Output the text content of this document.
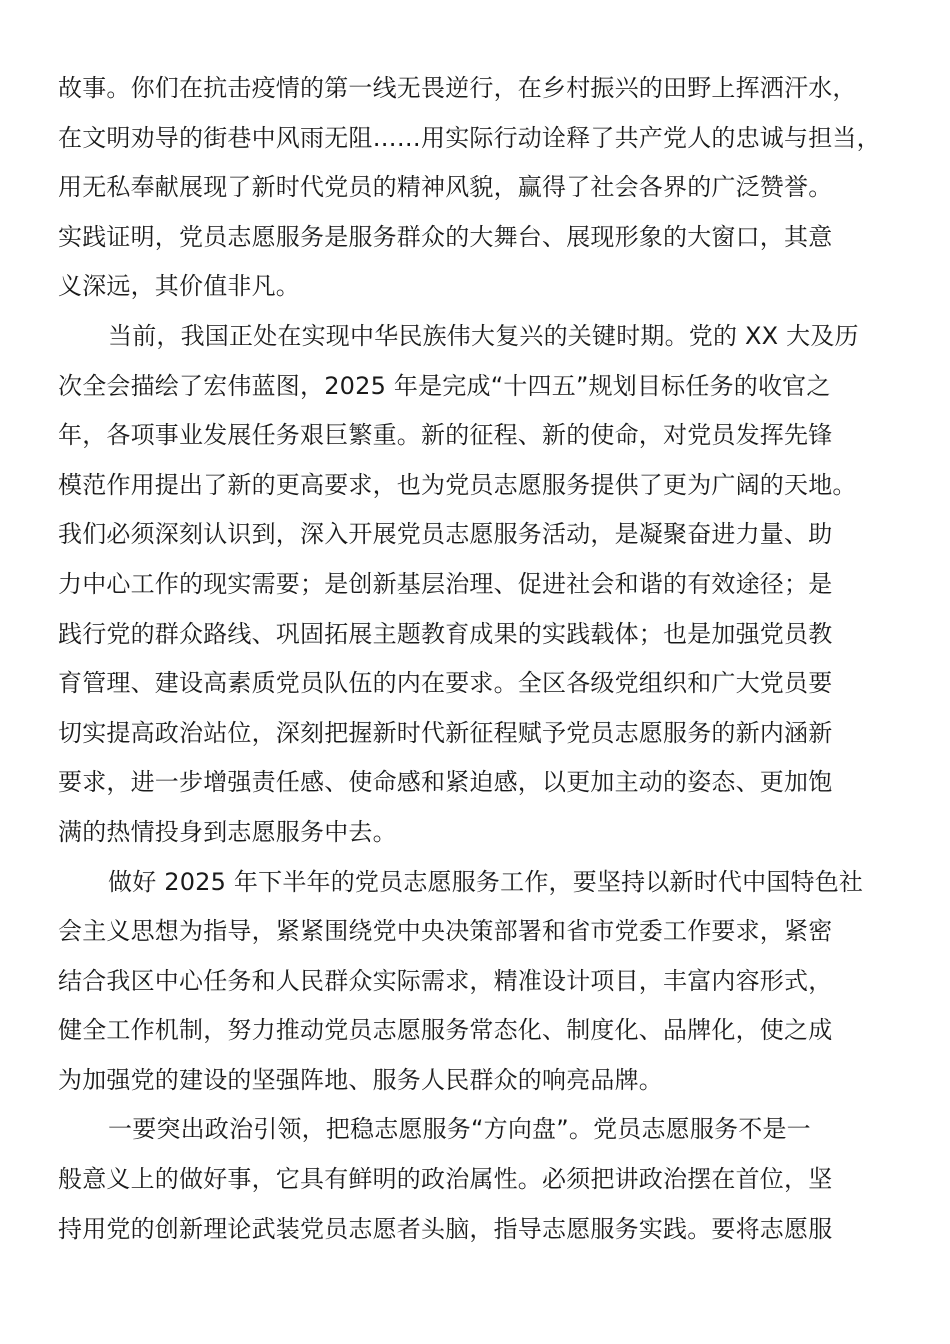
故事。你们在抗击疫情的第一线无畏逆行，在乡村振兴的田野上挥洒汗水，
在文明劝导的街巷中风雨无阻……用实际行动诠释了共产党人的忠诚与担当，
用无私奉献展现了新时代党员的精神风貌，赢得了社会各界的广泛赞誉。
实践证明，党员志愿服务是服务群众的大舞台、展现形象的大窗口，其意
义深远，其价值非凡。
当前，我国正处在实现中华民族伟大复兴的关键时期。党的 XX 大及历
次全会描绘了宏伟蓝图，2025 年是完成“十四五”规划目标任务的收官之
年，各项事业发展任务艰巨繁重。新的征程、新的使命，对党员发挥先锋
模范作用提出了新的更高要求，也为党员志愿服务提供了更为广阔的天地。
我们必须深刻认识到，深入开展党员志愿服务活动，是凝聚奋进力量、助
力中心工作的现实需要；是创新基层治理、促进社会和谐的有效途径；是
践行党的群众路线、巩固拓展主题教育成果的实践载体；也是加强党员教
育管理、建设高素质党员队伍的内在要求。全区各级党组织和广大党员要
切实提高政治站位，深刻把握新时代新征程赋予党员志愿服务的新内涵新
要求，进一步增强责任感、使命感和紧迫感，以更加主动的姿态、更加饱
满的热情投身到志愿服务中去。
做好 2025 年下半年的党员志愿服务工作，要坚持以新时代中国特色社
会主义思想为指导，紧紧围绕党中央决策部署和省市党委工作要求，紧密
结合我区中心任务和人民群众实际需求，精准设计项目，丰富内容形式，
健全工作机制，努力推动党员志愿服务常态化、制度化、品牌化，使之成
为加强党的建设的坚强阵地、服务人民群众的响亮品牌。
一要突出政治引领，把稳志愿服务“方向盘”。党员志愿服务不是一
般意义上的做好事，它具有鲜明的政治属性。必须把讲政治摆在首位，坚
持用党的创新理论武装党员志愿者头脑，指导志愿服务实践。要将志愿服
